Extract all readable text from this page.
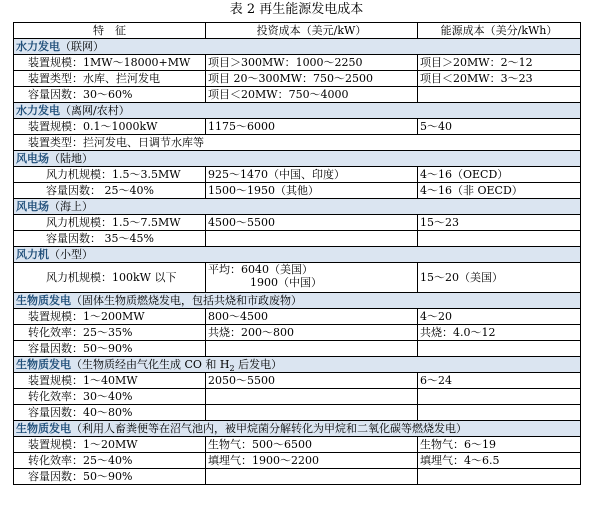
表 2 再生能源发电成本
特　征	投资成本（美元/kW）	能源成本（美分/kWh）
水力发电（联网）		
装置规模：1MW～18000+MW	项目＞300MW：1000～2250	项目＞20MW：2～12
装置类型：水库、拦河发电	项目 20～300MW：750～2500	项目＜20MW：3～23
容量因数：30～60%	项目＜20MW：750～4000	
水力发电（离网/农村）		
装置规模：0.1～1000kW	1175～6000	5～40
装置类型：拦河发电、日调节水库等		
风电场（陆地）		
风力机规模：1.5～3.5MW	925～1470（中国、印度）	4～16（OECD）
容量因数： 25～40%	1500～1950（其他）	4～16（非 OECD）
风电场（海上）		
风力机规模：1.5～7.5MW	4500～5500	15～23
容量因数： 35～45%		
风力机（小型）		
风力机规模：100kW 以下	平均：6040（美国）
1900（中国）	15～20（美国）
生物质发电（固体生物质燃烧发电，包括共烧和市政废物）		
装置规模：1～200MW	800～4500	4～20
转化效率：25～35%	共烧：200～800	共烧：4.0～12
容量因数：50～90%		
生物质发电（生物质经由气化生成 CO 和 $H_2$ 后发电）		
装置规模：1～40MW	2050～5500	6～24
转化效率：30～40%		
容量因数：40～80%		
生物质发电（利用人畜粪便等在沼气池内，被甲烷菌分解转化为甲烷和二氧化碳等燃烧发电）		
装置规模：1～20MW	生物气：500～6500	生物气：6～19
转化效率：25～40%	填埋气：1900～2200	填埋气：4～6.5
容量因数：50～90%		
